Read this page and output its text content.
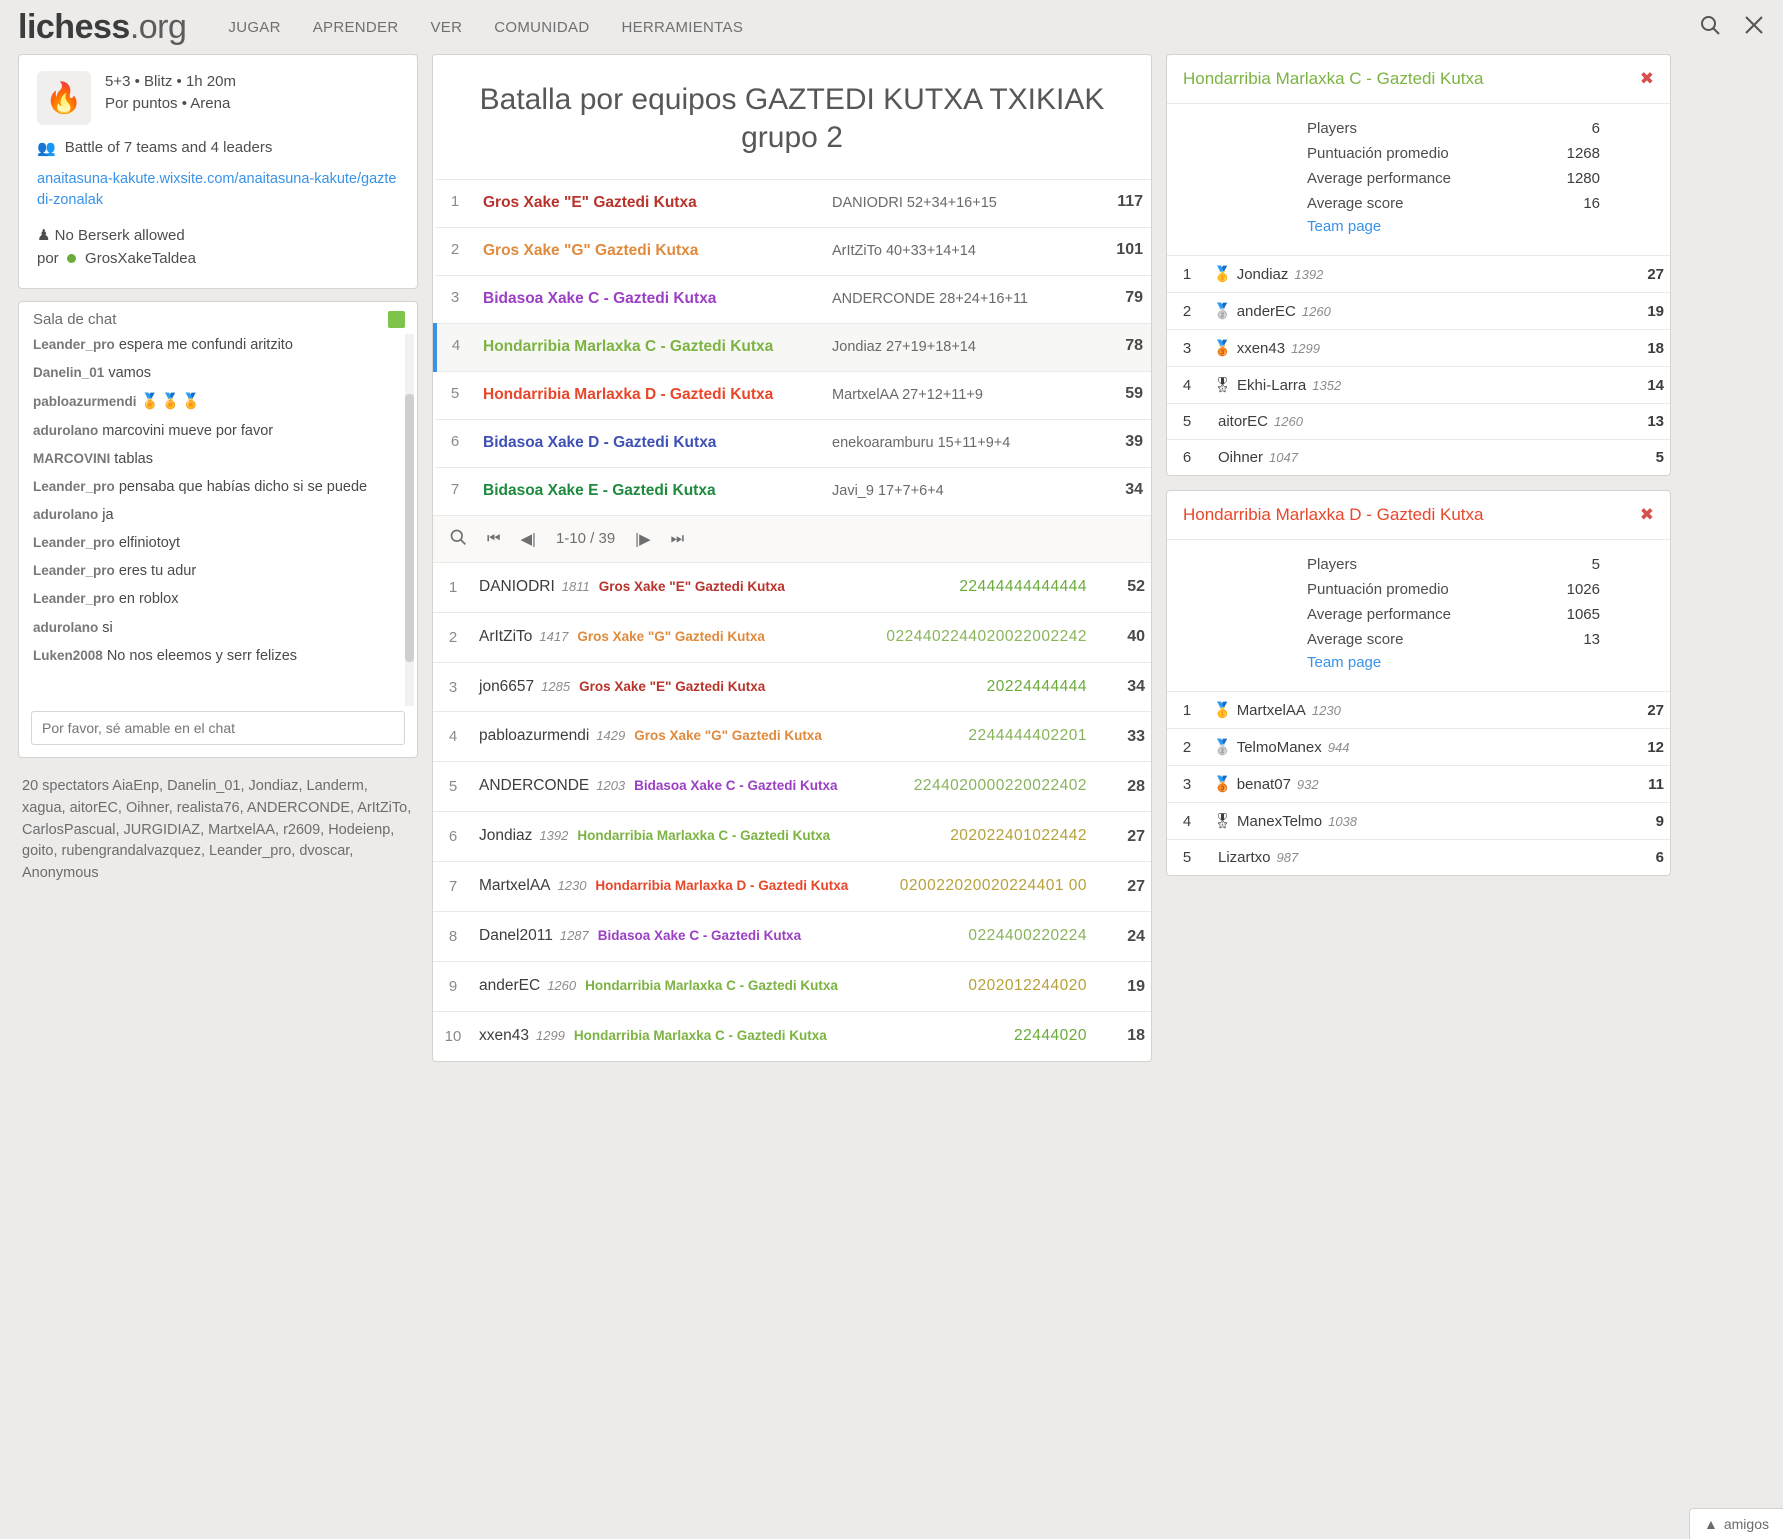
lichess.org	JUGAR	APRENDER	VER	COMUNIDAD	HERRAMIENTAS
🔥	5+3 • Blitz • 1h 20m
Por puntos • Arena
👥 Battle of 7 teams and 4 leaders
anaitasuna-kakute.wixsite.com/anaitasuna-kakute/gaztedi-zonalak
♟ No Berserk allowed
por GrosXakeTaldea
Sala de chat
Leander_pro espera me confundi aritzito
Danelin_01 vamos
pabloazurmendi 🏅🏅🏅
adurolano marcovini mueve por favor
MARCOVINI tablas
Leander_pro pensaba que habías dicho si se puede
adurolano ja
Leander_pro elfiniotoyt
Leander_pro eres tu adur
Leander_pro en roblox
adurolano si
Luken2008 No nos eleemos y serr felizes
Por favor, sé amable en el chat
20 spectators AiaEnp, Danelin_01, Jondiaz, Landerm, xagua, aitorEC, Oihner, realista76, ANDERCONDE, ArItZiTo, CarlosPascual, JURGIDIAZ, MartxelAA, r2609, Hodeienp, goito, rubengrandalvazquez, Leander_pro, dvoscar, Anonymous
Batalla por equipos GAZTEDI KUTXA TXIKIAK grupo 2
1	Gros Xake "E" Gaztedi Kutxa	DANIODRI 52+34+16+15	117
2	Gros Xake "G" Gaztedi Kutxa	ArItZiTo 40+33+14+14	101
3	Bidasoa Xake C - Gaztedi Kutxa	ANDERCONDE 28+24+16+11	79
4	Hondarribia Marlaxka C - Gaztedi Kutxa	Jondiaz 27+19+18+14	78
5	Hondarribia Marlaxka D - Gaztedi Kutxa	MartxelAA 27+12+11+9	59
6	Bidasoa Xake D - Gaztedi Kutxa	enekoaramburu 15+11+9+4	39
7	Bidasoa Xake E - Gaztedi Kutxa	Javi_9 17+7+6+4	34
⏮ ◀| 1-10 / 39 |▶ ⏭
1	DANIODRI 1811 Gros Xake "E" Gaztedi Kutxa	22444444444444	52
2	ArItZiTo 1417 Gros Xake "G" Gaztedi Kutxa	0224402244020022002242	40
3	jon6657 1285 Gros Xake "E" Gaztedi Kutxa	20224444444	34
4	pabloazurmendi 1429 Gros Xake "G" Gaztedi Kutxa	2244444402201	33
5	ANDERCONDE 1203 Bidasoa Xake C - Gaztedi Kutxa	2244020000220022402	28
6	Jondiaz 1392 Hondarribia Marlaxka C - Gaztedi Kutxa	202022401022442	27
7	MartxelAA 1230 Hondarribia Marlaxka D - Gaztedi Kutxa	020022020020224401 00	27
8	Danel2011 1287 Bidasoa Xake C - Gaztedi Kutxa	0224400220224	24
9	anderEC 1260 Hondarribia Marlaxka C - Gaztedi Kutxa	0202012244020	19
10	xxen43 1299 Hondarribia Marlaxka C - Gaztedi Kutxa	22444020	18
Hondarribia Marlaxka C - Gaztedi Kutxa	✖
Players	6
Puntuación promedio	1268
Average performance	1280
Average score	16
Team page
1	🥇 Jondiaz 1392	27
2	🥈 anderEC 1260	19
3	🥉 xxen43 1299	18
4	🎖 Ekhi-Larra 1352	14
5	aitorEC 1260	13
6	Oihner 1047	5
Hondarribia Marlaxka D - Gaztedi Kutxa	✖
Players	5
Puntuación promedio	1026
Average performance	1065
Average score	13
Team page
1	🥇 MartxelAA 1230	27
2	🥈 TelmoManex 944	12
3	🥉 benat07 932	11
4	🎖 ManexTelmo 1038	9
5	Lizartxo 987	6
▲ amigos
